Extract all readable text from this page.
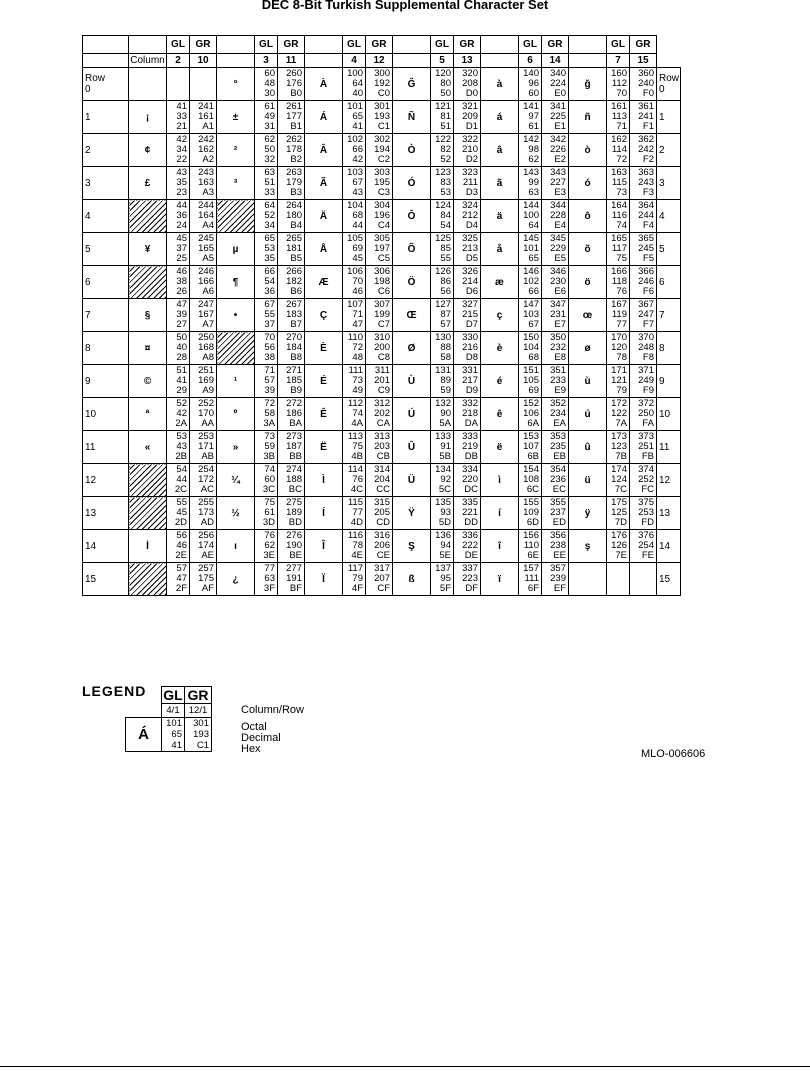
DEC 8-Bit Turkish Supplemental Character Set
		GL	GR		GL	GR		GL	GR		GL	GR		GL	GR		GL	GR	
	Column	2	10		3	11		4	12		5	13		6	14		7	15	

Row
0				°	60
48
30	260
176
B0	À	100
64
40	300
192
C0	Ğ	120
80
50	320
208
D0	à	140
96
60	340
224
E0	ğ	160
112
70	360
240
F0	Row
0

1	¡	41
33
21	241
161
A1	±	61
49
31	261
177
B1	Á	101
65
41	301
193
C1	Ñ	121
81
51	321
209
D1	á	141
97
61	341
225
E1	ñ	161
113
71	361
241
F1	1

2	¢	42
34
22	242
162
A2	²	62
50
32	262
178
B2	Â	102
66
42	302
194
C2	Ò	122
82
52	322
210
D2	â	142
98
62	342
226
E2	ò	162
114
72	362
242
F2	2

3	£	43
35
23	243
163
A3	³	63
51
33	263
179
B3	Ã	103
67
43	303
195
C3	Ó	123
83
53	323
211
D3	ã	143
99
63	343
227
E3	ó	163
115
73	363
243
F3	3

4		44
36
24	244
164
A4		64
52
34	264
180
B4	Ä	104
68
44	304
196
C4	Ô	124
84
54	324
212
D4	ä	144
100
64	344
228
E4	ô	164
116
74	364
244
F4	4

5	¥	45
37
25	245
165
A5	µ	65
53
35	265
181
B5	Å	105
69
45	305
197
C5	Õ	125
85
55	325
213
D5	å	145
101
65	345
229
E5	õ	165
117
75	365
245
F5	5

6		46
38
26	246
166
A6	¶	66
54
36	266
182
B6	Æ	106
70
46	306
198
C6	Ö	126
86
56	326
214
D6	æ	146
102
66	346
230
E6	ö	166
118
76	366
246
F6	6

7	§	47
39
27	247
167
A7	•	67
55
37	267
183
B7	Ç	107
71
47	307
199
C7	Œ	127
87
57	327
215
D7	ç	147
103
67	347
231
E7	œ	167
119
77	367
247
F7	7

8	¤	50
40
28	250
168
A8		70
56
38	270
184
B8	È	110
72
48	310
200
C8	Ø	130
88
58	330
216
D8	è	150
104
68	350
232
E8	ø	170
120
78	370
248
F8	8

9	©	51
41
29	251
169
A9	¹	71
57
39	271
185
B9	É	111
73
49	311
201
C9	Ù	131
89
59	331
217
D9	é	151
105
69	351
233
E9	ù	171
121
79	371
249
F9	9

10	ª	52
42
2A	252
170
AA	º	72
58
3A	272
186
BA	Ê	112
74
4A	312
202
CA	Ú	132
90
5A	332
218
DA	ê	152
106
6A	352
234
EA	ú	172
122
7A	372
250
FA	10

11	«	53
43
2B	253
171
AB	»	73
59
3B	273
187
BB	Ë	113
75
4B	313
203
CB	Û	133
91
5B	333
219
DB	ë	153
107
6B	353
235
EB	û	173
123
7B	373
251
FB	11

12		54
44
2C	254
172
AC	¼	74
60
3C	274
188
BC	Ì	114
76
4C	314
204
CC	Ü	134
92
5C	334
220
DC	ì	154
108
6C	354
236
EC	ü	174
124
7C	374
252
FC	12

13		55
45
2D	255
173
AD	½	75
61
3D	275
189
BD	Í	115
77
4D	315
205
CD	Ÿ	135
93
5D	335
221
DD	í	155
109
6D	355
237
ED	ÿ	175
125
7D	375
253
FD	13

14	İ	56
46
2E	256
174
AE	ı	76
62
3E	276
190
BE	Î	116
78
4E	316
206
CE	Ş	136
94
5E	336
222
DE	î	156
110
6E	356
238
EE	ş	176
126
7E	376
254
FE	14

15		57
47
2F	257
175
AF	¿	77
63
3F	277
191
BF	Ï	117
79
4F	317
207
CF	ß	137
95
5F	337
223
DF	ï	157
111
6F	357
239
EF				15
LEGEND
	GL	GR
	4/1	12/1
Á	101
65
41	301
193
C1
Column/Row
Octal
Decimal
Hex	MLO-006606
